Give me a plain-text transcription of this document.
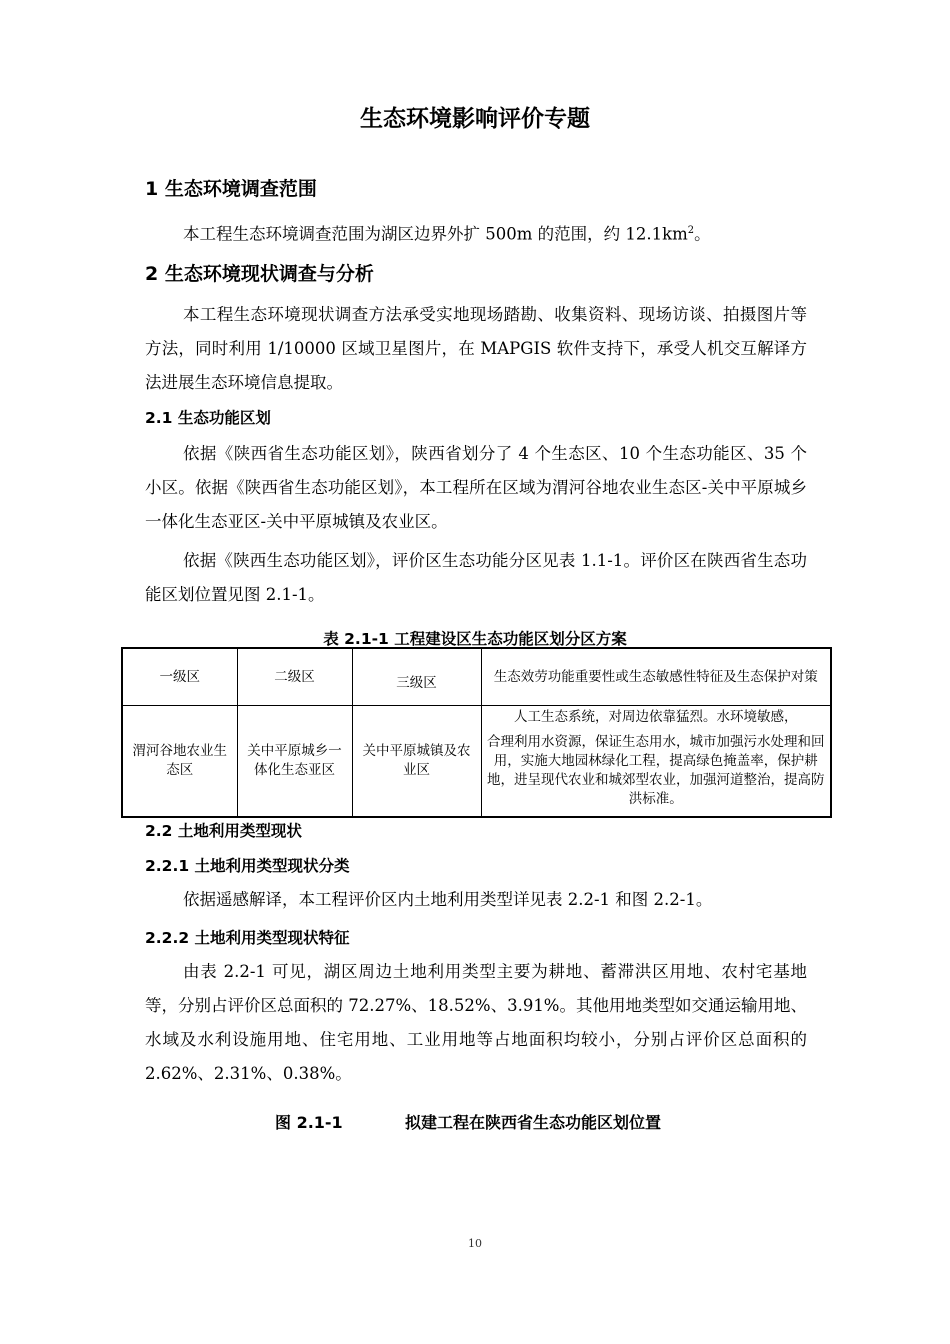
生态环境影响评价专题
1 生态环境调查范围
本工程生态环境调查范围为湖区边界外扩 500m 的范围，约 $12.1km^2$。
2 生态环境现状调查与分析
本工程生态环境现状调查方法承受实地现场踏勘、收集资料、现场访谈、拍摄图片等方法，同时利用 1/10000 区域卫星图片，在 MAPGIS 软件支持下，承受人机交互解译方法进展生态环境信息提取。
2.1 生态功能区划
依据《陕西省生态功能区划》，陕西省划分了 4 个生态区、10 个生态功能区、35 个小区。依据《陕西省生态功能区划》，本工程所在区域为渭河谷地农业生态区-关中平原城乡一体化生态亚区-关中平原城镇及农业区。
依据《陕西生态功能区划》，评价区生态功能分区见表 1.1-1。评价区在陕西省生态功能区划位置见图 2.1-1。
表 2.1-1 工程建设区生态功能区划分区方案
一级区	二级区	三级区	生态效劳功能重要性或生态敏感性特征及生态保护对策
渭河谷地农业生态区	关中平原城乡一体化生态亚区	关中平原城镇及农业区	人工生态系统，对周边依靠猛烈。水环境敏感，
合理利用水资源，保证生态用水，城市加强污水处理和回用，实施大地园林绿化工程，提高绿色掩盖率，保护耕地，进呈现代农业和城郊型农业，加强河道整治，提高防洪标准。
2.2 土地利用类型现状
2.2.1 土地利用类型现状分类
依据遥感解译，本工程评价区内土地利用类型详见表 2.2-1 和图 2.2-1。
2.2.2 土地利用类型现状特征
由表 2.2-1 可见，湖区周边土地利用类型主要为耕地、蓄滞洪区用地、农村宅基地等，分别占评价区总面积的 72.27%、18.52%、3.91%。其他用地类型如交通运输用地、水域及水利设施用地、住宅用地、工业用地等占地面积均较小，分别占评价区总面积的 2.62%、2.31%、0.38%。
图 2.1-1	拟建工程在陕西省生态功能区划位置
10
